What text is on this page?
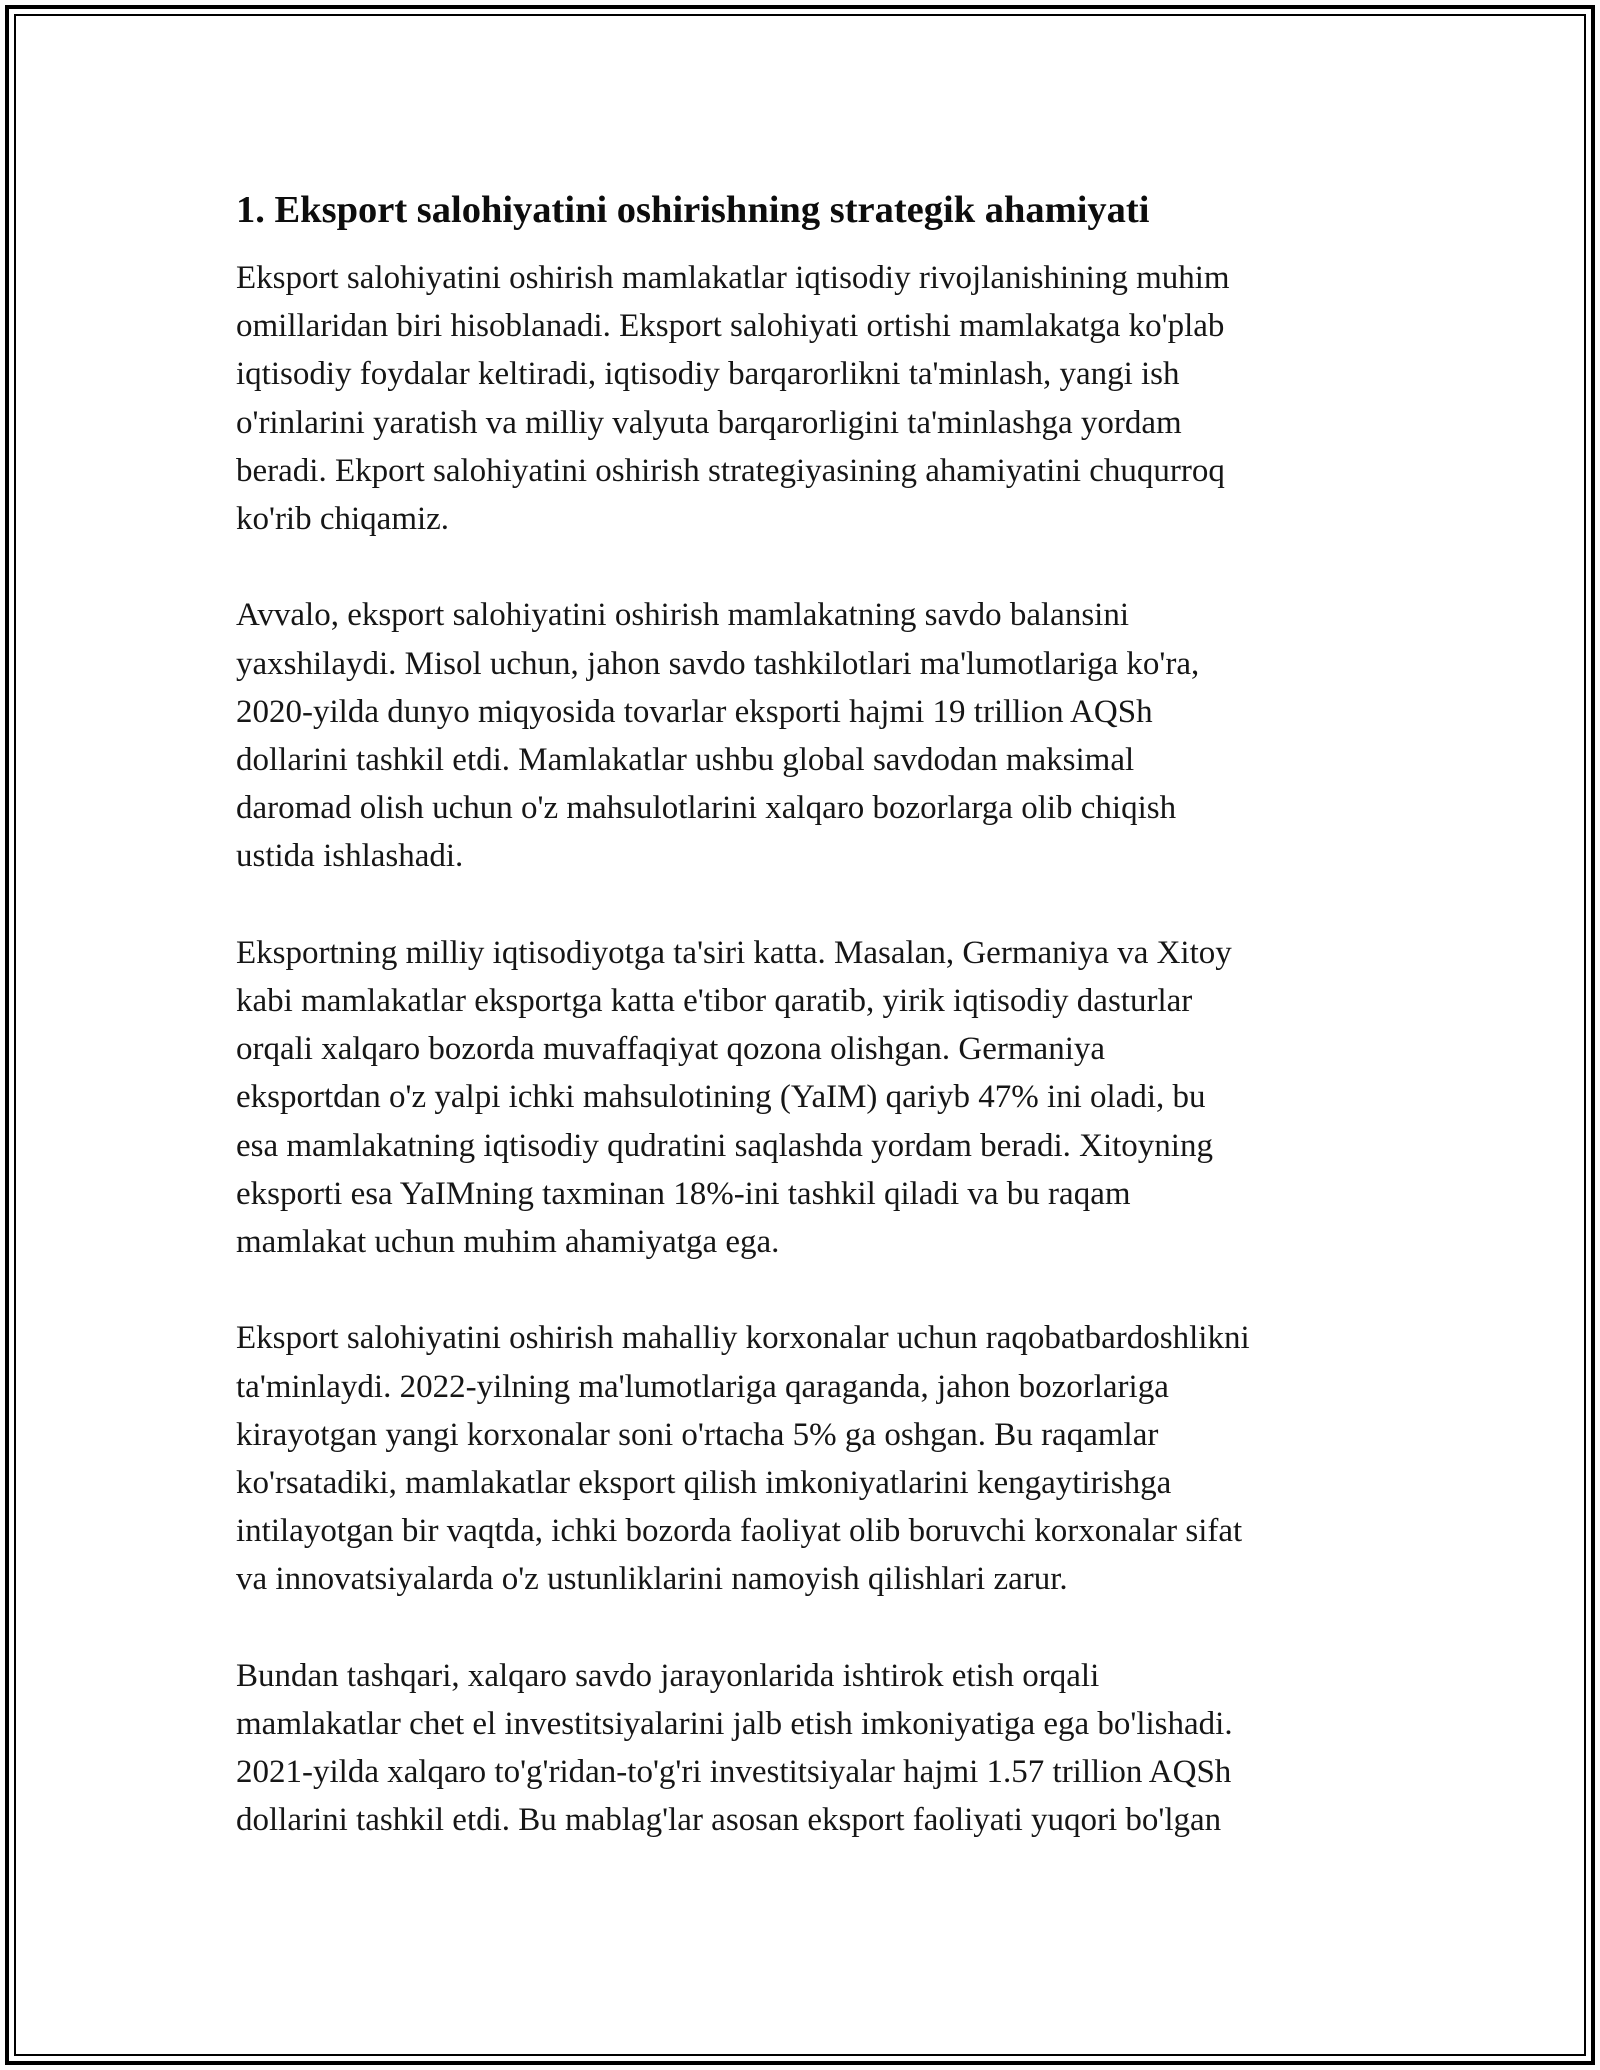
1. Eksport salohiyatini oshirishning strategik ahamiyati

Eksport salohiyatini oshirish mamlakatlar iqtisodiy rivojlanishining muhim
omillaridan biri hisoblanadi. Eksport salohiyati ortishi mamlakatga ko'plab
iqtisodiy foydalar keltiradi, iqtisodiy barqarorlikni ta'minlash, yangi ish
o'rinlarini yaratish va milliy valyuta barqarorligini ta'minlashga yordam
beradi. Ekport salohiyatini oshirish strategiyasining ahamiyatini chuqurroq
ko'rib chiqamiz.

Avvalo, eksport salohiyatini oshirish mamlakatning savdo balansini
yaxshilaydi. Misol uchun, jahon savdo tashkilotlari ma'lumotlariga ko'ra,
2020-yilda dunyo miqyosida tovarlar eksporti hajmi 19 trillion AQSh
dollarini tashkil etdi. Mamlakatlar ushbu global savdodan maksimal
daromad olish uchun o'z mahsulotlarini xalqaro bozorlarga olib chiqish
ustida ishlashadi.

Eksportning milliy iqtisodiyotga ta'siri katta. Masalan, Germaniya va Xitoy
kabi mamlakatlar eksportga katta e'tibor qaratib, yirik iqtisodiy dasturlar
orqali xalqaro bozorda muvaffaqiyat qozona olishgan. Germaniya
eksportdan o'z yalpi ichki mahsulotining (YaIM) qariyb 47% ini oladi, bu
esa mamlakatning iqtisodiy qudratini saqlashda yordam beradi. Xitoyning
eksporti esa YaIMning taxminan 18%-ini tashkil qiladi va bu raqam
mamlakat uchun muhim ahamiyatga ega.

Eksport salohiyatini oshirish mahalliy korxonalar uchun raqobatbardoshlikni
ta'minlaydi. 2022-yilning ma'lumotlariga qaraganda, jahon bozorlariga
kirayotgan yangi korxonalar soni o'rtacha 5% ga oshgan. Bu raqamlar
ko'rsatadiki, mamlakatlar eksport qilish imkoniyatlarini kengaytirishga
intilayotgan bir vaqtda, ichki bozorda faoliyat olib boruvchi korxonalar sifat
va innovatsiyalarda o'z ustunliklarini namoyish qilishlari zarur.

Bundan tashqari, xalqaro savdo jarayonlarida ishtirok etish orqali
mamlakatlar chet el investitsiyalarini jalb etish imkoniyatiga ega bo'lishadi.
2021-yilda xalqaro to'g'ridan-to'g'ri investitsiyalar hajmi 1.57 trillion AQSh
dollarini tashkil etdi. Bu mablag'lar asosan eksport faoliyati yuqori bo'lgan
